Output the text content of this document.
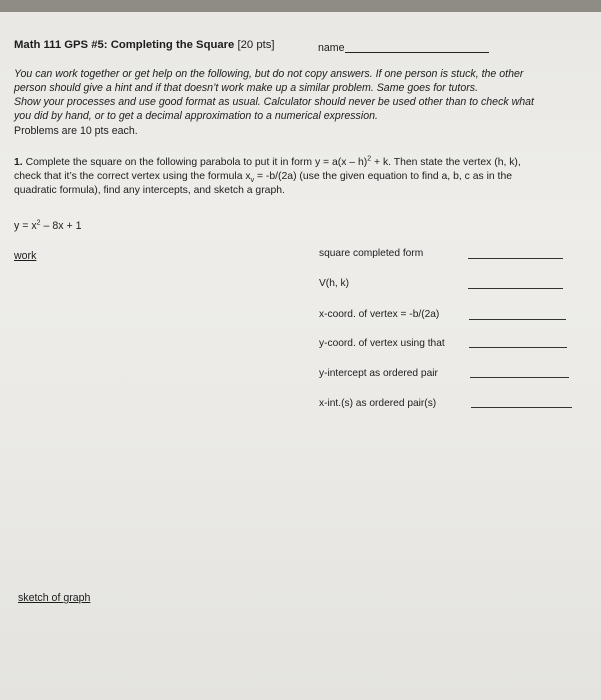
Math 111 GPS #5: Completing the Square [20 pts]	name
You can work together or get help on the following, but do not copy answers. If one person is stuck, the other
person should give a hint and if that doesn’t work make up a similar problem. Same goes for tutors.
Show your processes and use good format as usual. Calculator should never be used other than to check what
you did by hand, or to get a decimal approximation to a numerical expression.
Problems are 10 pts each.
1. Complete the square on the following parabola to put it in form y = a(x – h)$^2$ + k. Then state the vertex (h, k),
check that it’s the correct vertex using the formula $x_v = -b/(2a)$ (use the given equation to find a, b, c as in the
quadratic formula), find any intercepts, and sketch a graph.
$y = x^2 - 8x + 1$
work	square completed form
V(h, k)
x-coord. of vertex = -b/(2a)
y-coord. of vertex using that
y-intercept as ordered pair
x-int.(s) as ordered pair(s)
sketch of graph
